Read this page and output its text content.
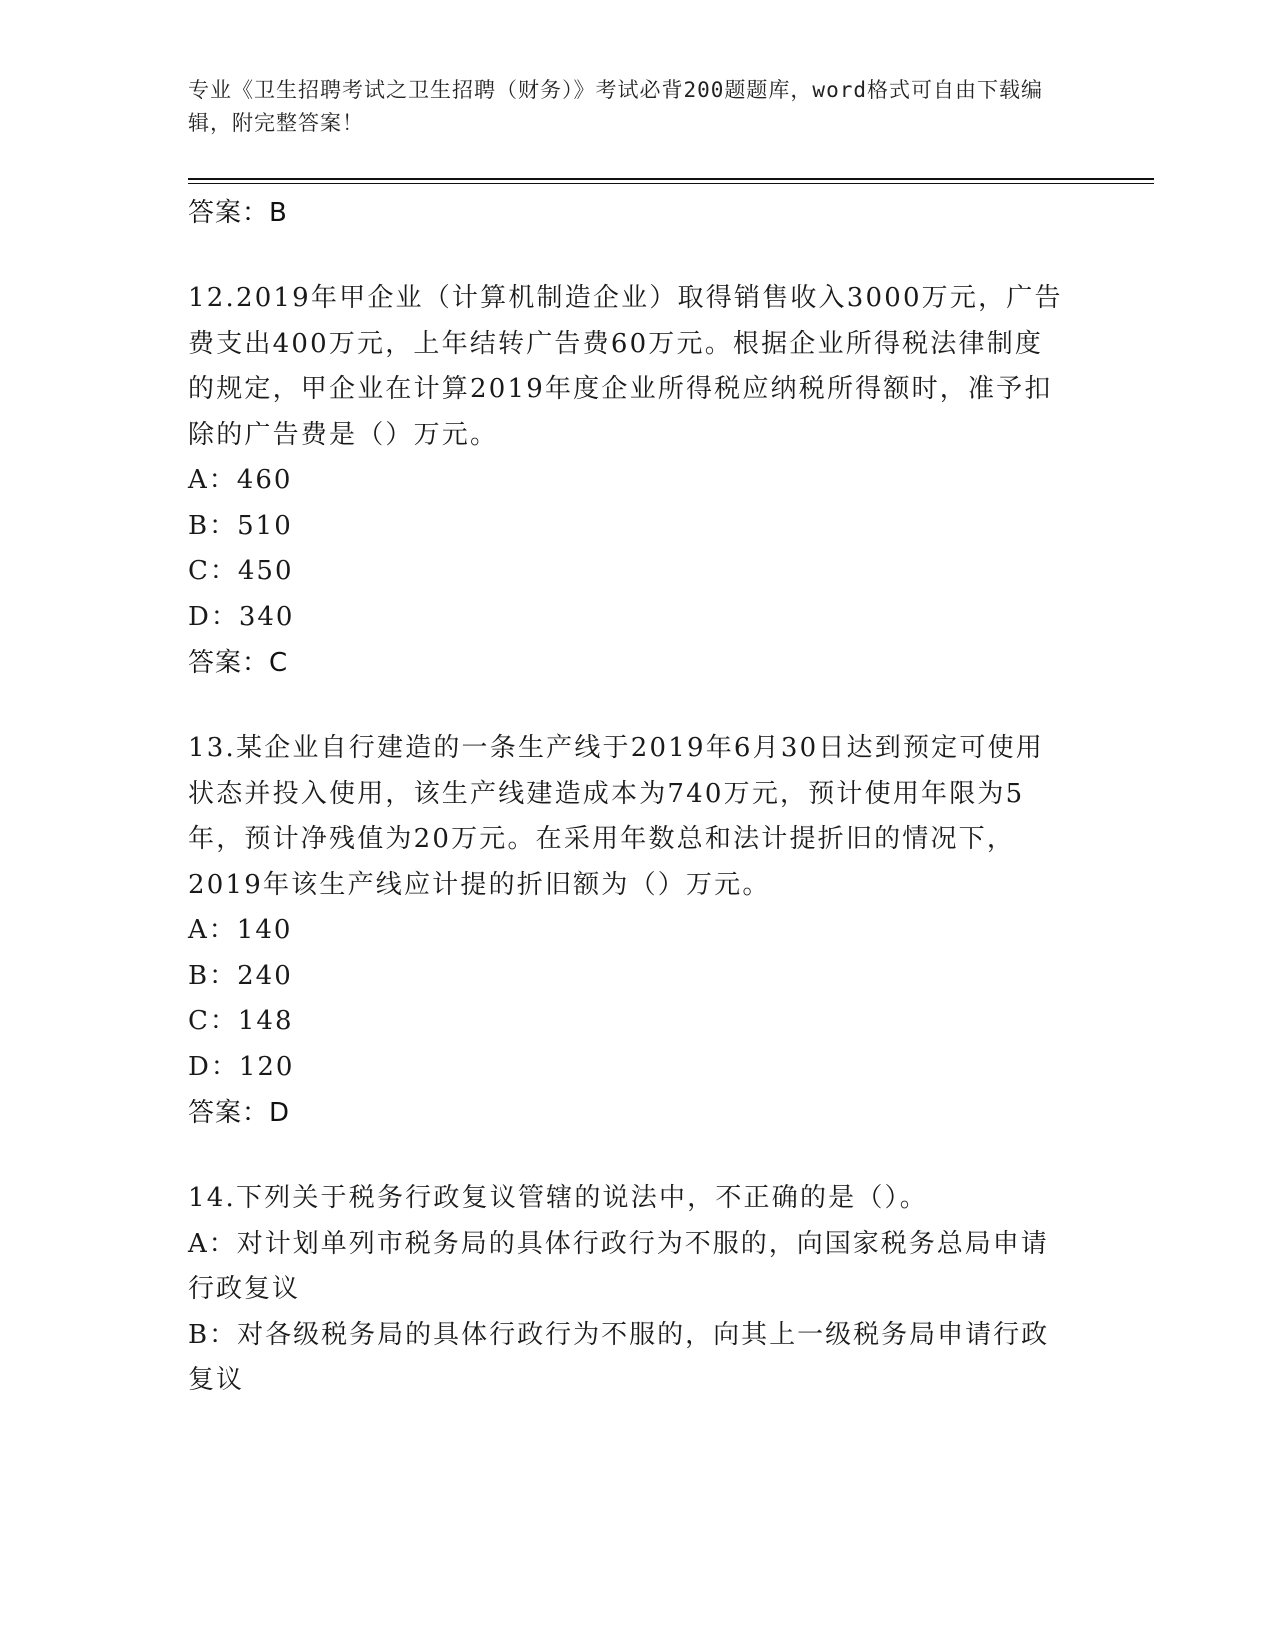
专业《卫生招聘考试之卫生招聘（财务）》考试必背200题题库，word格式可自由下载编辑，附完整答案！
答案：B
12.2019年甲企业（计算机制造企业）取得销售收入3000万元，广告费支出400万元，上年结转广告费60万元。根据企业所得税法律制度的规定，甲企业在计算2019年度企业所得税应纳税所得额时，准予扣除的广告费是（）万元。
A：460
B：510
C：450
D：340
答案：C
13.某企业自行建造的一条生产线于2019年6月30日达到预定可使用状态并投入使用，该生产线建造成本为740万元，预计使用年限为5年，预计净残值为20万元。在采用年数总和法计提折旧的情况下，2019年该生产线应计提的折旧额为（）万元。
A：140
B：240
C：148
D：120
答案：D
14.下列关于税务行政复议管辖的说法中，不正确的是（）。
A：对计划单列市税务局的具体行政行为不服的，向国家税务总局申请行政复议
B：对各级税务局的具体行政行为不服的，向其上一级税务局申请行政复议
